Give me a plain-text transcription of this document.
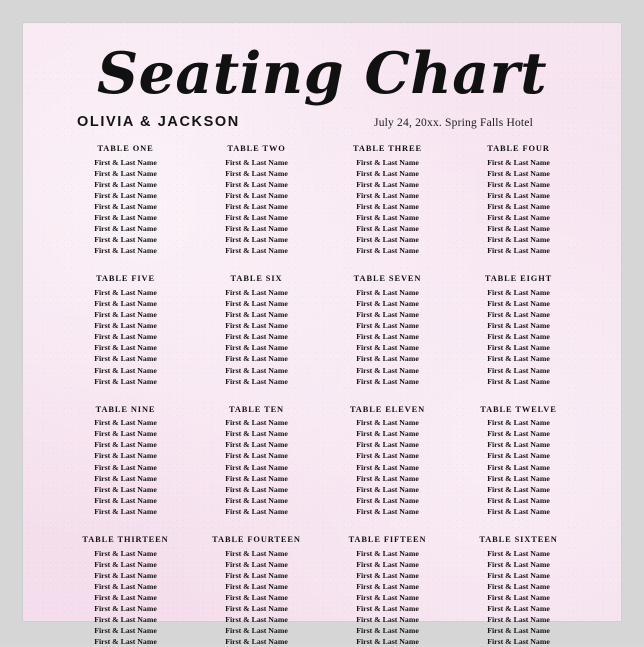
Seating Chart
OLIVIA & JACKSON	July 24, 20xx. Spring Falls Hotel
TABLE ONE
First & Last Name
First & Last Name
First & Last Name
First & Last Name
First & Last Name
First & Last Name
First & Last Name
First & Last Name
First & Last Name
TABLE TWO
First & Last Name
First & Last Name
First & Last Name
First & Last Name
First & Last Name
First & Last Name
First & Last Name
First & Last Name
First & Last Name
TABLE THREE
First & Last Name
First & Last Name
First & Last Name
First & Last Name
First & Last Name
First & Last Name
First & Last Name
First & Last Name
First & Last Name
TABLE FOUR
First & Last Name
First & Last Name
First & Last Name
First & Last Name
First & Last Name
First & Last Name
First & Last Name
First & Last Name
First & Last Name
TABLE FIVE
First & Last Name
First & Last Name
First & Last Name
First & Last Name
First & Last Name
First & Last Name
First & Last Name
First & Last Name
First & Last Name
TABLE SIX
First & Last Name
First & Last Name
First & Last Name
First & Last Name
First & Last Name
First & Last Name
First & Last Name
First & Last Name
First & Last Name
TABLE SEVEN
First & Last Name
First & Last Name
First & Last Name
First & Last Name
First & Last Name
First & Last Name
First & Last Name
First & Last Name
First & Last Name
TABLE EIGHT
First & Last Name
First & Last Name
First & Last Name
First & Last Name
First & Last Name
First & Last Name
First & Last Name
First & Last Name
First & Last Name
TABLE NINE
First & Last Name
First & Last Name
First & Last Name
First & Last Name
First & Last Name
First & Last Name
First & Last Name
First & Last Name
First & Last Name
TABLE TEN
First & Last Name
First & Last Name
First & Last Name
First & Last Name
First & Last Name
First & Last Name
First & Last Name
First & Last Name
First & Last Name
TABLE ELEVEN
First & Last Name
First & Last Name
First & Last Name
First & Last Name
First & Last Name
First & Last Name
First & Last Name
First & Last Name
First & Last Name
TABLE TWELVE
First & Last Name
First & Last Name
First & Last Name
First & Last Name
First & Last Name
First & Last Name
First & Last Name
First & Last Name
First & Last Name
TABLE THIRTEEN
First & Last Name
First & Last Name
First & Last Name
First & Last Name
First & Last Name
First & Last Name
First & Last Name
First & Last Name
First & Last Name
TABLE FOURTEEN
First & Last Name
First & Last Name
First & Last Name
First & Last Name
First & Last Name
First & Last Name
First & Last Name
First & Last Name
First & Last Name
TABLE FIFTEEN
First & Last Name
First & Last Name
First & Last Name
First & Last Name
First & Last Name
First & Last Name
First & Last Name
First & Last Name
First & Last Name
TABLE SIXTEEN
First & Last Name
First & Last Name
First & Last Name
First & Last Name
First & Last Name
First & Last Name
First & Last Name
First & Last Name
First & Last Name
